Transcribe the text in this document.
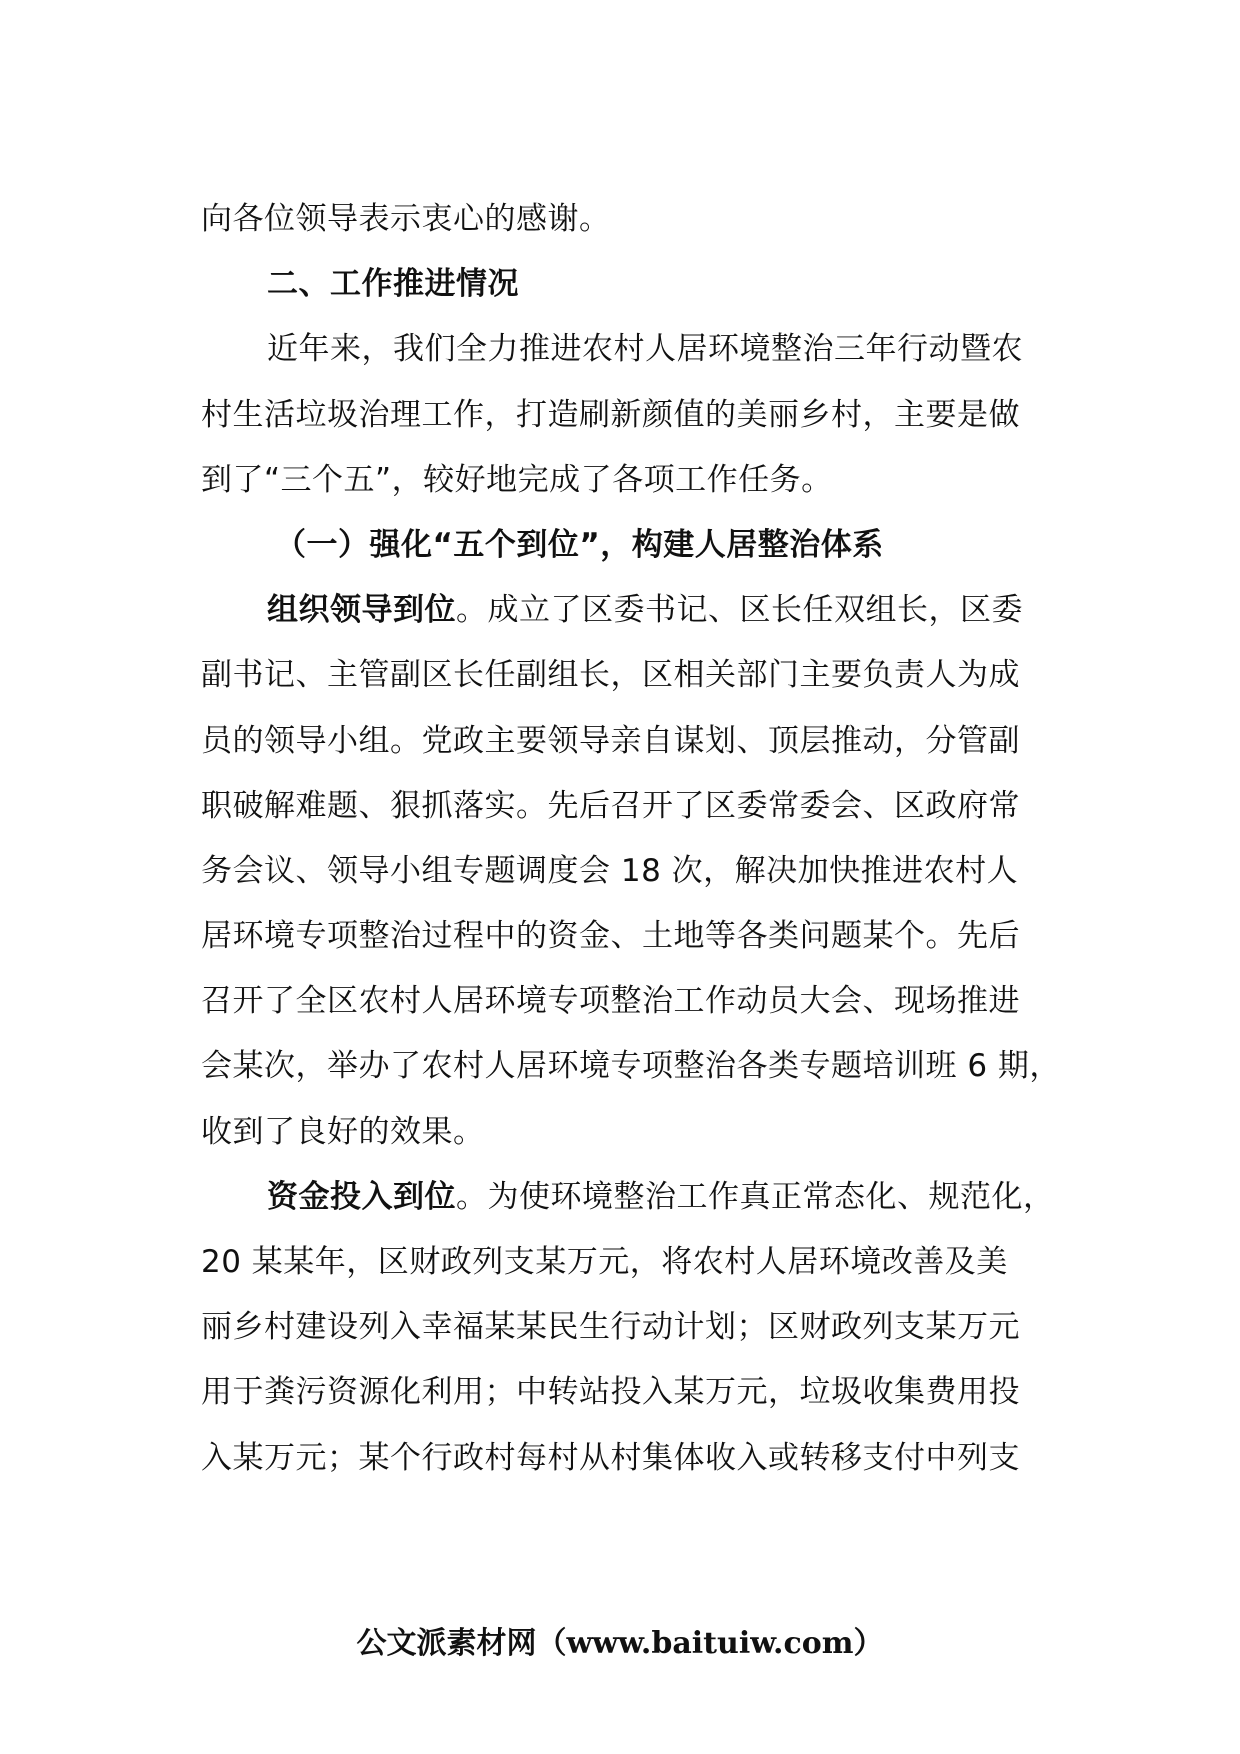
向各位领导表示衷心的感谢。
二、工作推进情况
近年来，我们全力推进农村人居环境整治三年行动暨农
村生活垃圾治理工作，打造刷新颜值的美丽乡村，主要是做
到了“三个五”，较好地完成了各项工作任务。
（一）强化“五个到位”，构建人居整治体系
组织领导到位。成立了区委书记、区长任双组长，区委
副书记、主管副区长任副组长，区相关部门主要负责人为成
员的领导小组。党政主要领导亲自谋划、顶层推动，分管副
职破解难题、狠抓落实。先后召开了区委常委会、区政府常
务会议、领导小组专题调度会 18 次，解决加快推进农村人
居环境专项整治过程中的资金、土地等各类问题某个。先后
召开了全区农村人居环境专项整治工作动员大会、现场推进
会某次，举办了农村人居环境专项整治各类专题培训班 6 期，
收到了良好的效果。
资金投入到位。为使环境整治工作真正常态化、规范化，
20 某某年，区财政列支某万元，将农村人居环境改善及美
丽乡村建设列入幸福某某民生行动计划；区财政列支某万元
用于粪污资源化利用；中转站投入某万元，垃圾收集费用投
入某万元；某个行政村每村从村集体收入或转移支付中列支
公文派素材网（www.baituiw.com）
